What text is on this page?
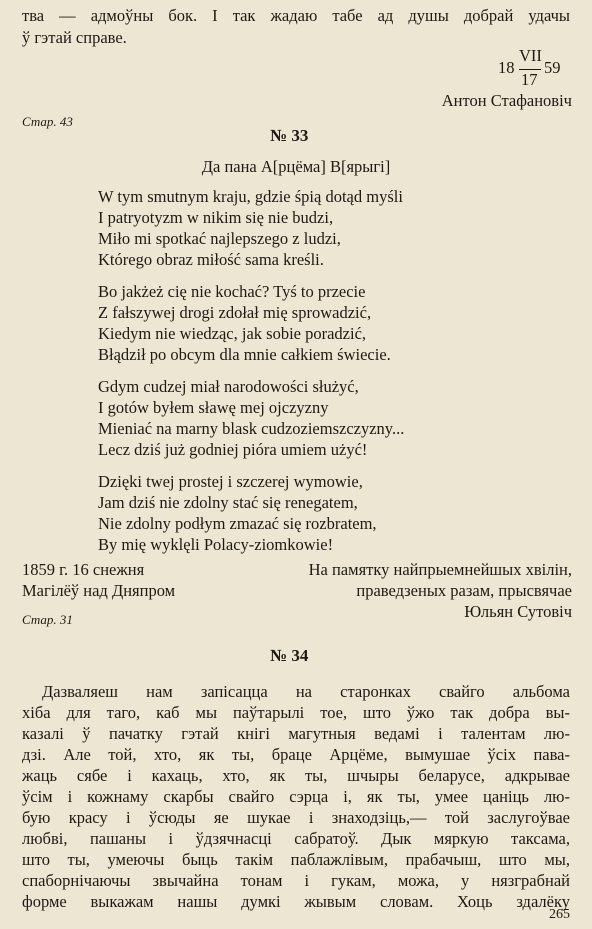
тва — адмоўны бок. І так жадаю табе ад душы добрай удачы
ў гэтай справе.
18
VII
17
59
Антон Стафановіч
Стар. 43
№ 33
Да пана А[рцёма] В[ярыгі]
W tym smutnym kraju, gdzie śpią dotąd myśli
I patryotyzm w nikim się nie budzi,
Miło mi spotkać najlepszego z ludzi,
Którego obraz miłość sama kreśli.
Bo jakżeż cię nie kochać? Tyś to przecie
Z fałszywej drogi zdołał mię sprowadzić,
Kiedym nie wiedząc, jak sobie poradzić,
Błądził po obcym dla mnie całkiem świecie.
Gdym cudzej miał narodowości służyć,
I gotów byłem sławę mej ojczyzny
Mieniać na marny blask cudzoziemszczyzny...
Lecz dziś już godniej pióra umiem użyć!
Dzięki twej prostej i szczerej wymowie,
Jam dziś nie zdolny stać się renegatem,
Nie zdolny podłym zmazać się rozbratem,
By mię wyklęli Polacy-ziomkowie!
1859 г. 16 снежня
Магілёў над Дняпром
На памятку найпрыемнейшых хвілін,
праведзеных разам, прысвячае
Юльян Сутовіч
Стар. 31
№ 34
Дазваляеш нам запісацца на старонках свайго альбома
хіба для таго, каб мы паўтарылі тое, што ўжо так добра вы-
казалі ў пачатку гэтай кнігі магутныя ведамі і талентам лю-
дзі. Але той, хто, як ты, браце Арцёме, вымушае ўсіх пава-
жаць сябе і кахаць, хто, як ты, шчыры беларусе, адкрывае
ўсім і кожнаму скарбы свайго сэрца і, як ты, умее цаніць лю-
бую красу і ўсюды яе шукае і знаходзіць,— той заслугоўвае
любві, пашаны і ўдзячнасці сабратоў. Дык мяркую таксама,
што ты, умеючы быць такім паблажлівым, прабачыш, што мы,
спаборнічаючы звычайна тонам і гукам, можа, у нязграбнай
форме выкажам нашы думкі жывым словам. Хоць здалёку
265
